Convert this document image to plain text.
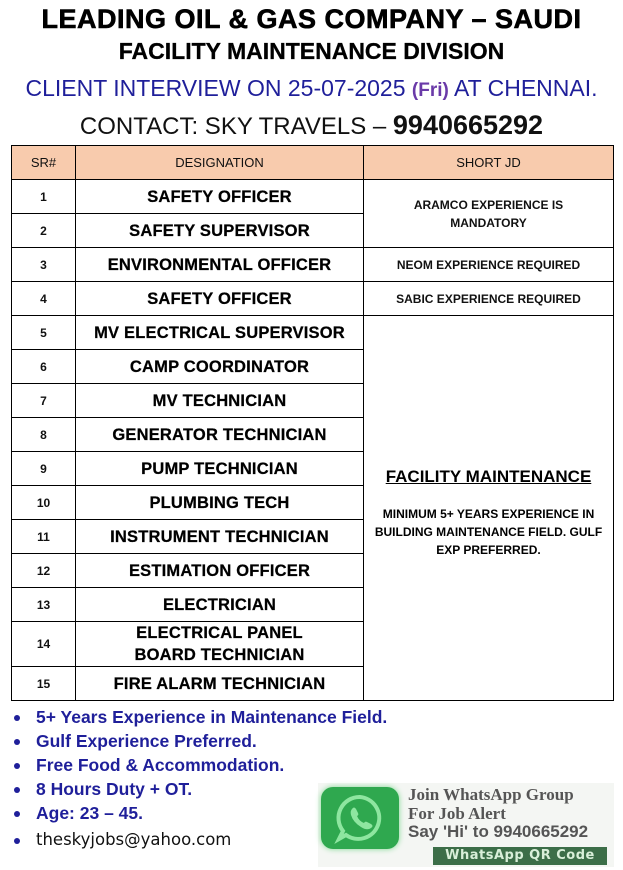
LEADING OIL & GAS COMPANY – SAUDI
FACILITY MAINTENANCE DIVISION
CLIENT INTERVIEW ON 25-07-2025 (Fri) AT CHENNAI.
CONTACT: SKY TRAVELS – 9940665292
SR#	DESIGNATION	SHORT JD
1	SAFETY OFFICER	ARAMCO EXPERIENCE IS MANDATORY
2	SAFETY SUPERVISOR	
3	ENVIRONMENTAL OFFICER	NEOM EXPERIENCE REQUIRED
4	SAFETY OFFICER	SABIC EXPERIENCE REQUIRED
5	MV ELECTRICAL SUPERVISOR	FACILITY MAINTENANCE
MINIMUM 5+ YEARS EXPERIENCE IN BUILDING MAINTENANCE FIELD. GULF EXP PREFERRED.

6	CAMP COORDINATOR	
7	MV TECHNICIAN	
8	GENERATOR TECHNICIAN	
9	PUMP TECHNICIAN	
10	PLUMBING TECH	
11	INSTRUMENT TECHNICIAN	
12	ESTIMATION OFFICER	
13	ELECTRICIAN	
14	ELECTRICAL PANEL BOARD TECHNICIAN	
15	FIRE ALARM TECHNICIAN	
5+ Years Experience in Maintenance Field.
Gulf Experience Preferred.
Free Food & Accommodation.
8 Hours Duty + OT.
Age: 23 – 45.
theskyjobs@yahoo.com
Join WhatsApp Group
For Job Alert
Say 'Hi' to 9940665292
WhatsApp QR Code
